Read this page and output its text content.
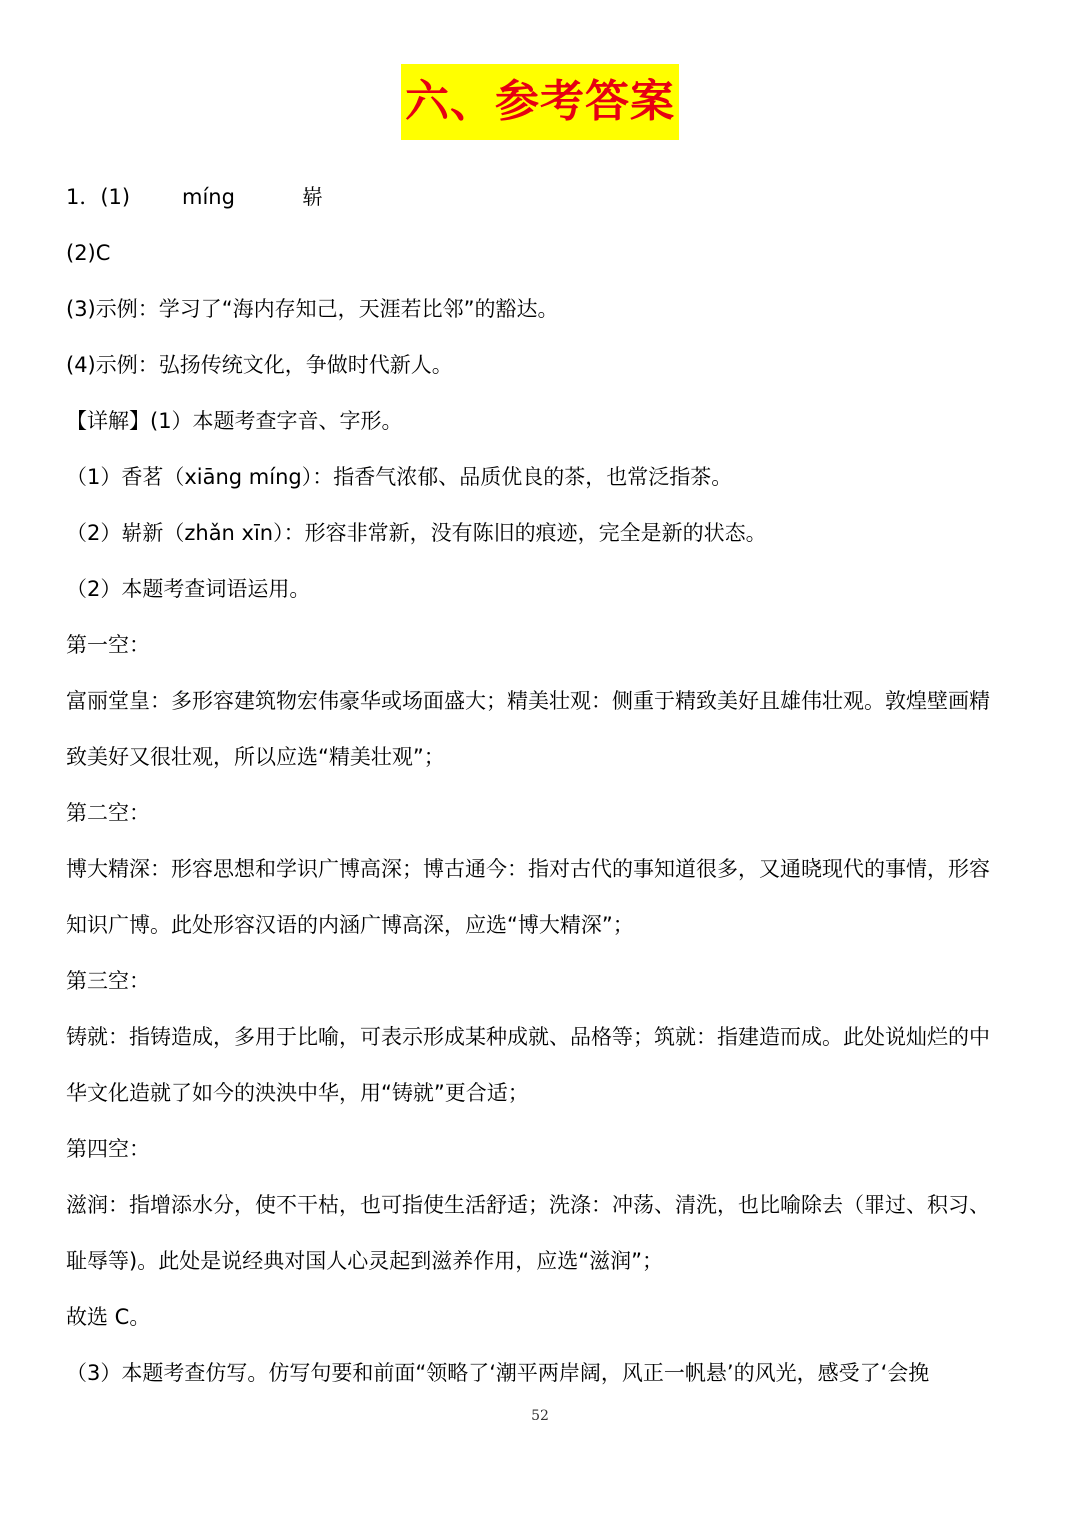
六、参考答案
1．(1) míng	崭
(2)C
(3)示例：学习了“海内存知己，天涯若比邻”的豁达。
(4)示例：弘扬传统文化，争做时代新人。
【详解】(1）本题考查字音、字形。
（1）香茗（xiāng míng）：指香气浓郁、品质优良的茶，也常泛指茶。
（2）崭新（zhǎn xīn）：形容非常新，没有陈旧的痕迹，完全是新的状态。
（2）本题考查词语运用。
第一空：
富丽堂皇：多形容建筑物宏伟豪华或场面盛大；精美壮观：侧重于精致美好且雄伟壮观。敦煌壁画精
致美好又很壮观，所以应选“精美壮观”；
第二空：
博大精深：形容思想和学识广博高深；博古通今：指对古代的事知道很多，又通晓现代的事情，形容
知识广博。此处形容汉语的内涵广博高深，应选“博大精深”；
第三空：
铸就：指铸造成，多用于比喻，可表示形成某种成就、品格等；筑就：指建造而成。此处说灿烂的中
华文化造就了如今的泱泱中华，用“铸就”更合适；
第四空：
滋润：指增添水分，使不干枯，也可指使生活舒适；洗涤：冲荡、清洗，也比喻除去（罪过、积习、
耻辱等)。此处是说经典对国人心灵起到滋养作用，应选“滋润”；
故选 C。
（3）本题考查仿写。仿写句要和前面“领略了‘潮平两岸阔，风正一帆悬’的风光，感受了‘会挽
52
